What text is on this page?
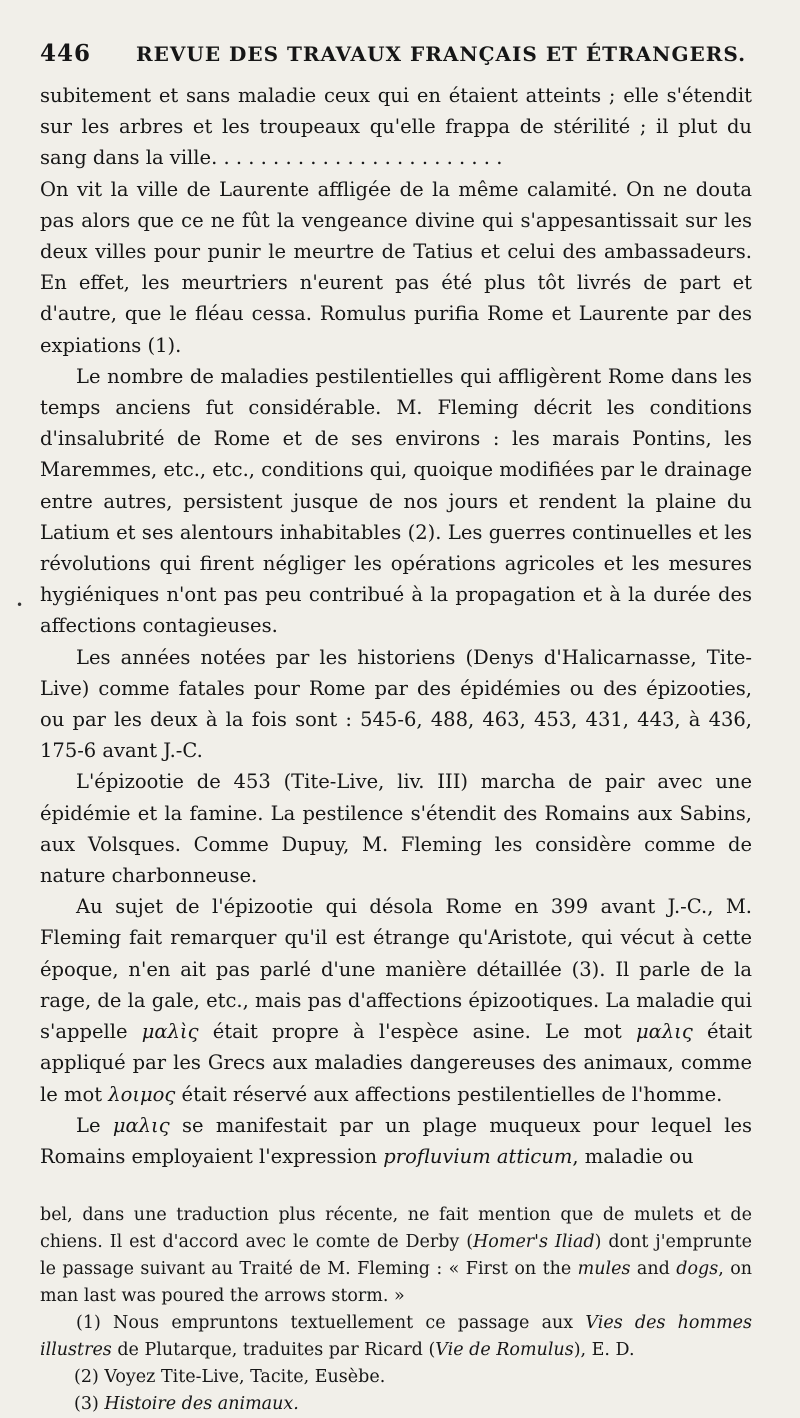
446	REVUE DES TRAVAUX FRANÇAIS ET ÉTRANGERS.

subitement et sans maladie ceux qui en étaient atteints ; elle s'étendit sur les arbres et les troupeaux qu'elle frappa de stérilité ; il plut du sang dans la ville. . . . . . . . . . . . . . . . . . . . . . . .

On vit la ville de Laurente affligée de la même calamité. On ne douta pas alors que ce ne fût la vengeance divine qui s'appesantissait sur les deux villes pour punir le meurtre de Tatius et celui des ambassadeurs. En effet, les meurtriers n'eurent pas été plus tôt livrés de part et d'autre, que le fléau cessa. Romulus purifia Rome et Laurente par des expiations (1).

Le nombre de maladies pestilentielles qui affligèrent Rome dans les temps anciens fut considérable. M. Fleming décrit les conditions d'insalubrité de Rome et de ses environs : les marais Pontins, les Maremmes, etc., etc., conditions qui, quoique modifiées par le drainage entre autres, persistent jusque de nos jours et rendent la plaine du Latium et ses alentours inhabitables (2). Les guerres continuelles et les révolutions qui firent négliger les opérations agricoles et les mesures hygiéniques n'ont pas peu contribué à la propagation et à la durée des affections contagieuses.

Les années notées par les historiens (Denys d'Halicarnasse, Tite-Live) comme fatales pour Rome par des épidémies ou des épizooties, ou par les deux à la fois sont : 545-6, 488, 463, 453, 431, 443, à 436, 175-6 avant J.-C.

L'épizootie de 453 (Tite-Live, liv. III) marcha de pair avec une épidémie et la famine. La pestilence s'étendit des Romains aux Sabins, aux Volsques. Comme Dupuy, M. Fleming les considère comme de nature charbonneuse.

Au sujet de l'épizootie qui désola Rome en 399 avant J.-C., M. Fleming fait remarquer qu'il est étrange qu'Aristote, qui vécut à cette époque, n'en ait pas parlé d'une manière détaillée (3). Il parle de la rage, de la gale, etc., mais pas d'affections épizootiques. La maladie qui s'appelle μαλὶς était propre à l'espèce asine. Le mot μαλις était appliqué par les Grecs aux maladies dangereuses des animaux, comme le mot λοιμος était réservé aux affections pestilentielles de l'homme.

Le μαλις se manifestait par un plage muqueux pour lequel les Romains employaient l'expression profluvium atticum, maladie ou

bel, dans une traduction plus récente, ne fait mention que de mulets et de chiens. Il est d'accord avec le comte de Derby (Homer's Iliad) dont j'emprunte le passage suivant au Traité de M. Fleming : « First on the mules and dogs, on man last was poured the arrows storm. »

(1) Nous empruntons textuellement ce passage aux Vies des hommes illustres de Plutarque, traduites par Ricard (Vie de Romulus), E. D.

(2) Voyez Tite-Live, Tacite, Eusèbe.

(3) Histoire des animaux.

•
